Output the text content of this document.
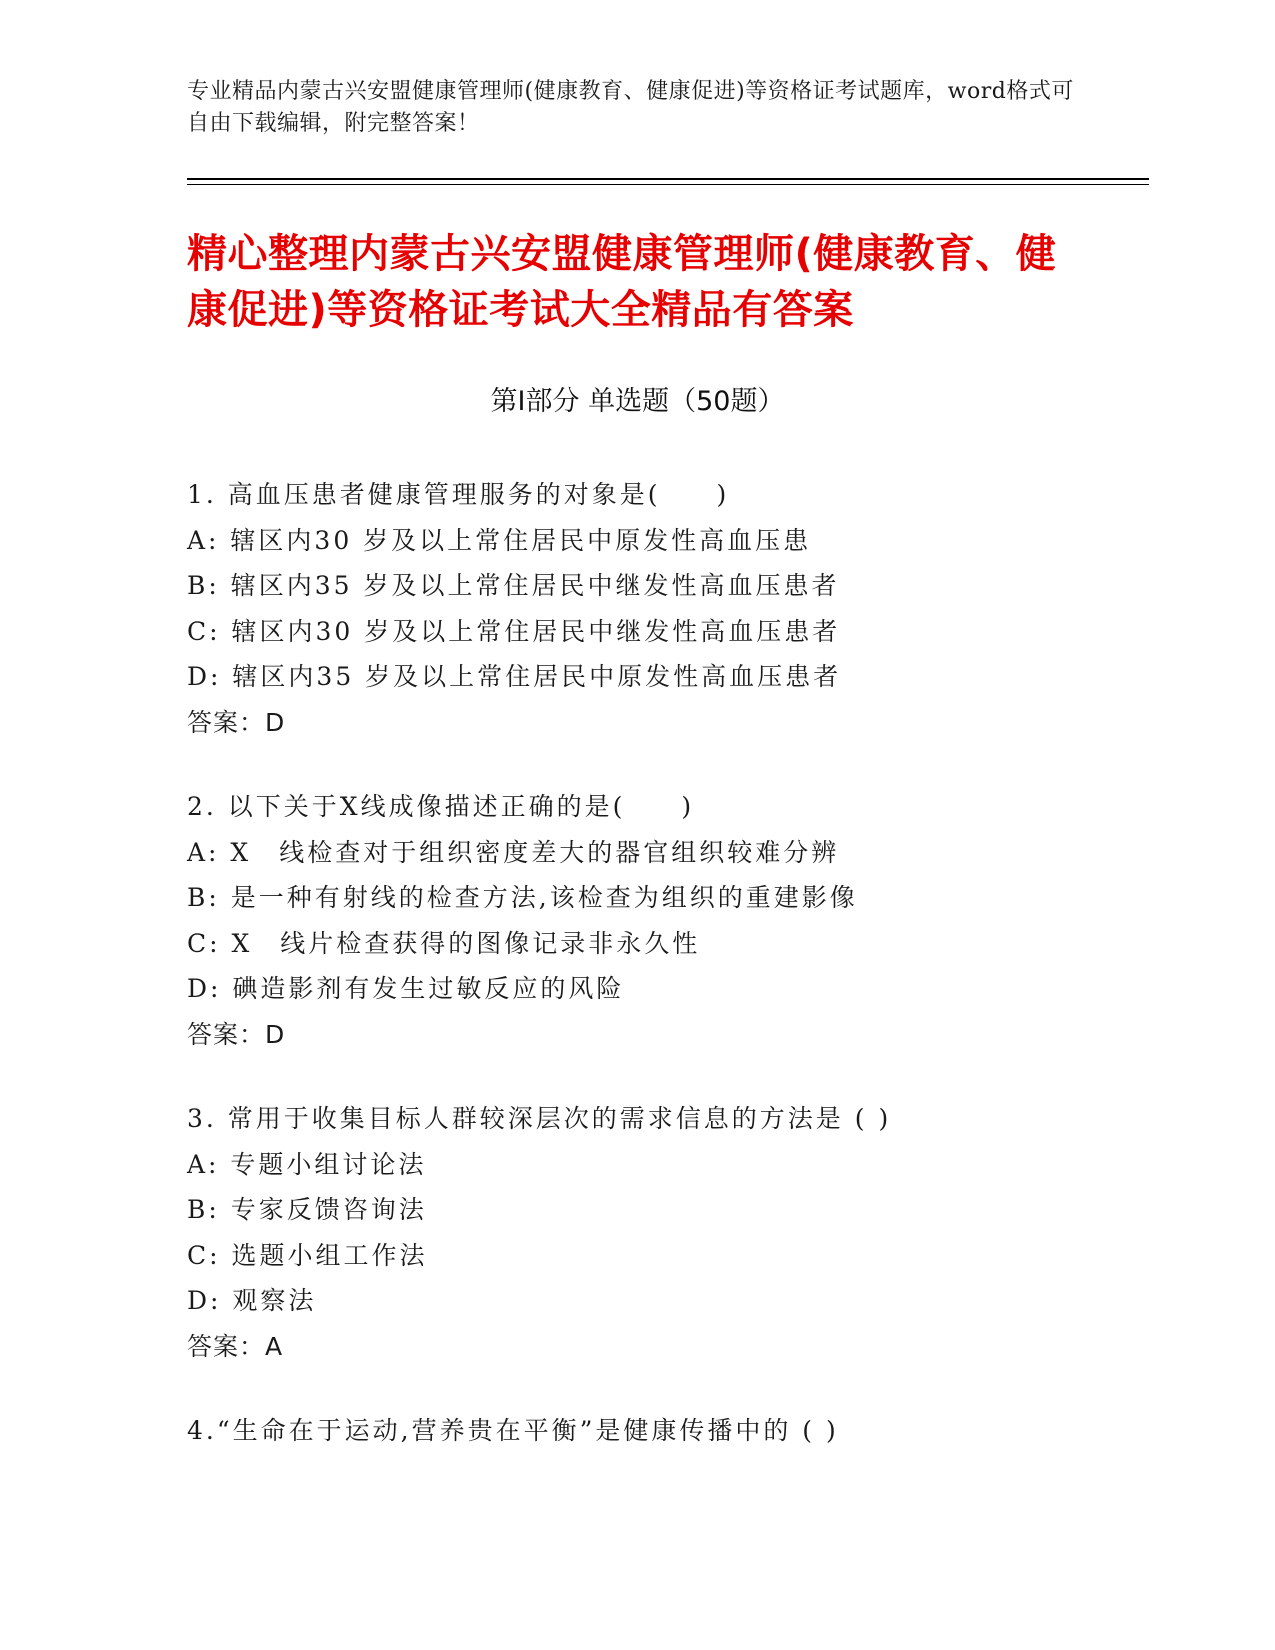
专业精品内蒙古兴安盟健康管理师(健康教育、健康促进)等资格证考试题库，word格式可自由下载编辑，附完整答案！
精心整理内蒙古兴安盟健康管理师(健康教育、健康促进)等资格证考试大全精品有答案
第Ⅰ部分 单选题（50题）
1. 高血压患者健康管理服务的对象是(　　)
A: 辖区内30 岁及以上常住居民中原发性高血压患
B: 辖区内35 岁及以上常住居民中继发性高血压患者
C: 辖区内30 岁及以上常住居民中继发性高血压患者
D: 辖区内35 岁及以上常住居民中原发性高血压患者
答案：D
2. 以下关于X线成像描述正确的是(　　)
A: X　线检查对于组织密度差大的器官组织较难分辨
B: 是一种有射线的检查方法,该检查为组织的重建影像
C: X　线片检查获得的图像记录非永久性
D: 碘造影剂有发生过敏反应的风险
答案：D
3. 常用于收集目标人群较深层次的需求信息的方法是 ( )
A: 专题小组讨论法
B: 专家反馈咨询法
C: 选题小组工作法
D: 观察法
答案：A
4.“生命在于运动,营养贵在平衡”是健康传播中的 ( )
